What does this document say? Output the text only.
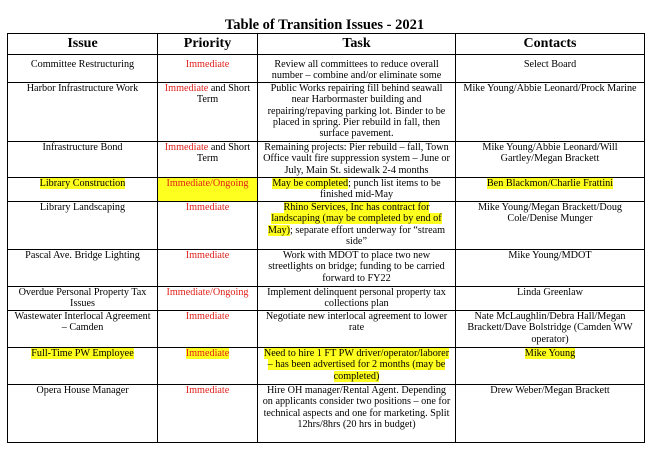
Table of Transition Issues - 2021
Issue	Priority	Task	Contacts
Committee Restructuring	Immediate	Review all committees to reduce overall number – combine and/or eliminate some	Select Board
Harbor Infrastructure Work	Immediate and Short Term	Public Works repairing fill behind seawall near Harbormaster building and repairing/repaving parking lot. Binder to be placed in spring. Pier rebuild in fall, then surface pavement.	Mike Young/Abbie Leonard/Prock Marine
Infrastructure Bond	Immediate and Short Term	Remaining projects: Pier rebuild – fall, Town Office vault fire suppression system – June or July, Main St. sidewalk 2-4 months	Mike Young/Abbie Leonard/Will Gartley/Megan Brackett
Library Construction	Immediate/Ongoing	May be completed; punch list items to be finished mid-May	Ben Blackmon/Charlie Frattini
Library Landscaping	Immediate	Rhino Services, Inc has contract for landscaping (may be completed by end of May); separate effort underway for “stream side”	Mike Young/Megan Brackett/Doug Cole/Denise Munger
Pascal Ave. Bridge Lighting	Immediate	Work with MDOT to place two new streetlights on bridge; funding to be carried forward to FY22	Mike Young/MDOT
Overdue Personal Property Tax Issues	Immediate/Ongoing	Implement delinquent personal property tax collections plan	Linda Greenlaw
Wastewater Interlocal Agreement – Camden	Immediate	Negotiate new interlocal agreement to lower rate	Nate McLaughlin/Debra Hall/Megan Brackett/Dave Bolstridge (Camden WW operator)
Full-Time PW Employee	Immediate	Need to hire 1 FT PW driver/operator/laborer – has been advertised for 2 months (may be completed)	Mike Young
Opera House Manager	Immediate	Hire OH manager/Rental Agent. Depending on applicants consider two positions – one for technical aspects and one for marketing. Split 12hrs/8hrs (20 hrs in budget)	Drew Weber/Megan Brackett
